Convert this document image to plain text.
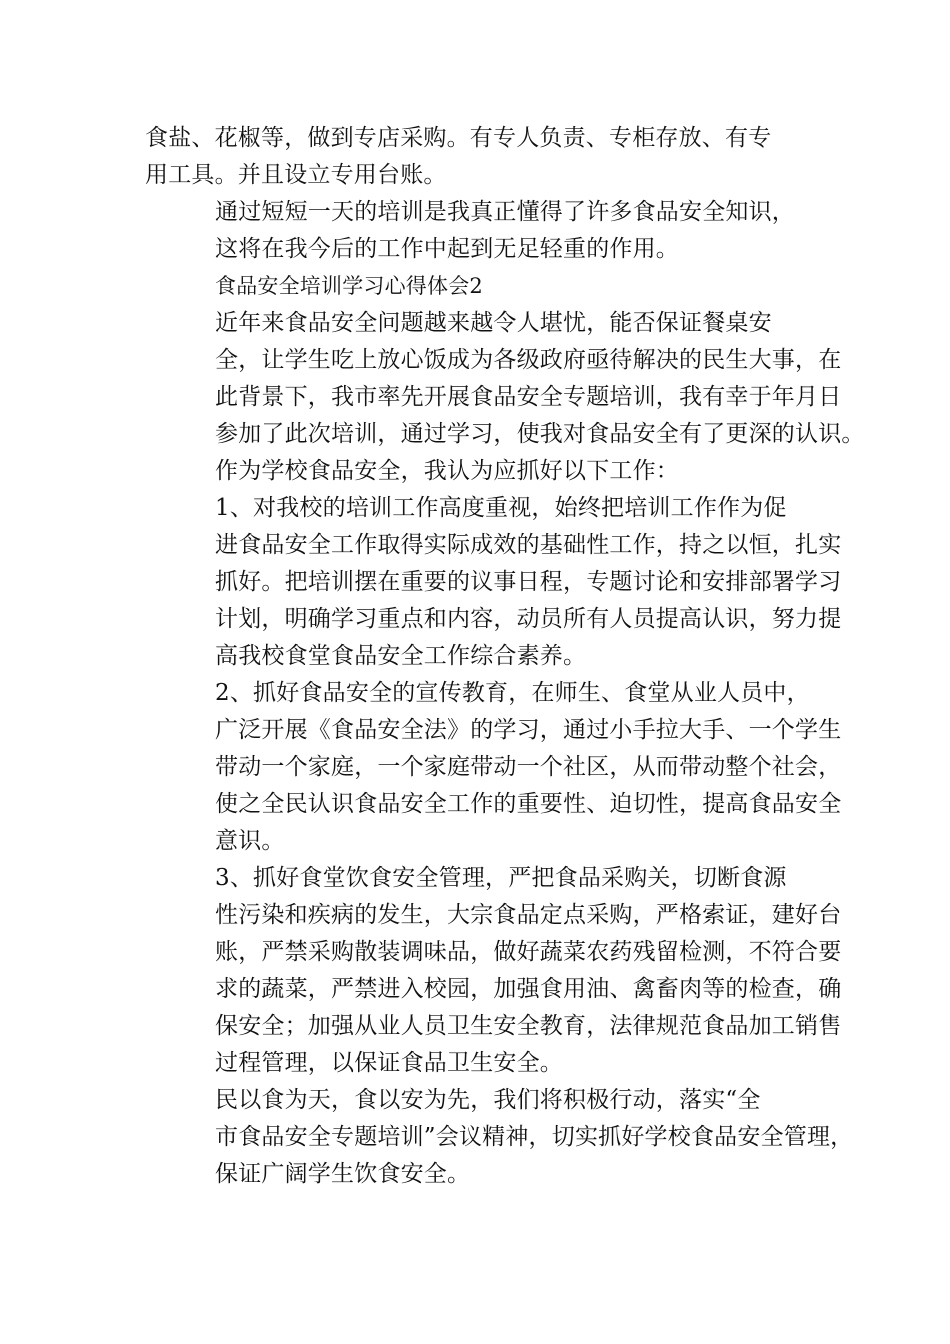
食盐、花椒等，做到专店采购。有专人负责、专柜存放、有专
用工具。并且设立专用台账。

通过短短一天的培训是我真正懂得了许多食品安全知识，
这将在我今后的工作中起到无足轻重的作用。

食品安全培训学习心得体会2

近年来食品安全问题越来越令人堪忧，能否保证餐桌安
全，让学生吃上放心饭成为各级政府亟待解决的民生大事，在
此背景下，我市率先开展食品安全专题培训，我有幸于年月日
参加了此次培训，通过学习，使我对食品安全有了更深的认识。

作为学校食品安全，我认为应抓好以下工作：

1、对我校的培训工作高度重视，始终把培训工作作为促
进食品安全工作取得实际成效的基础性工作，持之以恒，扎实
抓好。把培训摆在重要的议事日程，专题讨论和安排部署学习
计划，明确学习重点和内容，动员所有人员提高认识，努力提
高我校食堂食品安全工作综合素养。

2、抓好食品安全的宣传教育，在师生、食堂从业人员中，
广泛开展《食品安全法》的学习，通过小手拉大手、一个学生
带动一个家庭，一个家庭带动一个社区，从而带动整个社会，
使之全民认识食品安全工作的重要性、迫切性，提高食品安全
意识。

3、抓好食堂饮食安全管理，严把食品采购关，切断食源
性污染和疾病的发生，大宗食品定点采购，严格索证，建好台
账，严禁采购散装调味品，做好蔬菜农药残留检测，不符合要
求的蔬菜，严禁进入校园，加强食用油、禽畜肉等的检查，确
保安全；加强从业人员卫生安全教育，法律规范食品加工销售
过程管理，以保证食品卫生安全。

民以食为天，食以安为先，我们将积极行动，落实“全
市食品安全专题培训”会议精神，切实抓好学校食品安全管理，
保证广阔学生饮食安全。
